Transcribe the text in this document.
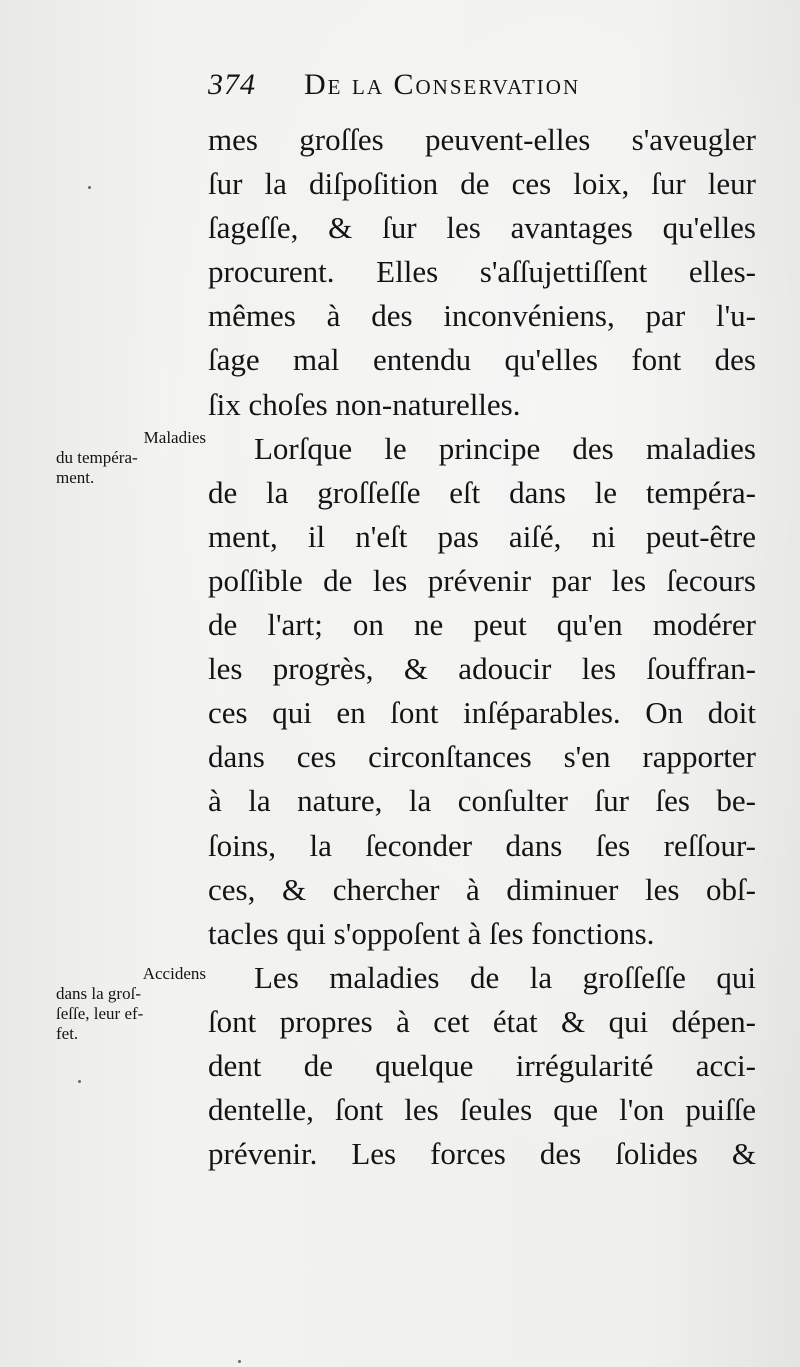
374 De la Conservation
Maladies
du tempéra-
ment.
Accidens
dans la groſ-
ſeſſe, leur ef-
fet.
mes groſſes peuvent-elles s'aveugler
ſur la diſpoſition de ces loix, ſur leur
ſageſſe, & ſur les avantages qu'elles
procurent. Elles s'aſſujettiſſent elles-
mêmes à des inconvéniens, par l'u-
ſage mal entendu qu'elles font des
ſix choſes non-naturelles.
Lorſque le principe des maladies
de la groſſeſſe eſt dans le tempéra-
ment, il n'eſt pas aiſé, ni peut-être
poſſible de les prévenir par les ſecours
de l'art; on ne peut qu'en modérer
les progrès, & adoucir les ſouffran-
ces qui en ſont inſéparables. On doit
dans ces circonſtances s'en rapporter
à la nature, la conſulter ſur ſes be-
ſoins, la ſeconder dans ſes reſſour-
ces, & chercher à diminuer les obſ-
tacles qui s'oppoſent à ſes fonctions.
Les maladies de la groſſeſſe qui
ſont propres à cet état & qui dépen-
dent de quelque irrégularité acci-
dentelle, ſont les ſeules que l'on puiſſe
prévenir. Les forces des ſolides &
